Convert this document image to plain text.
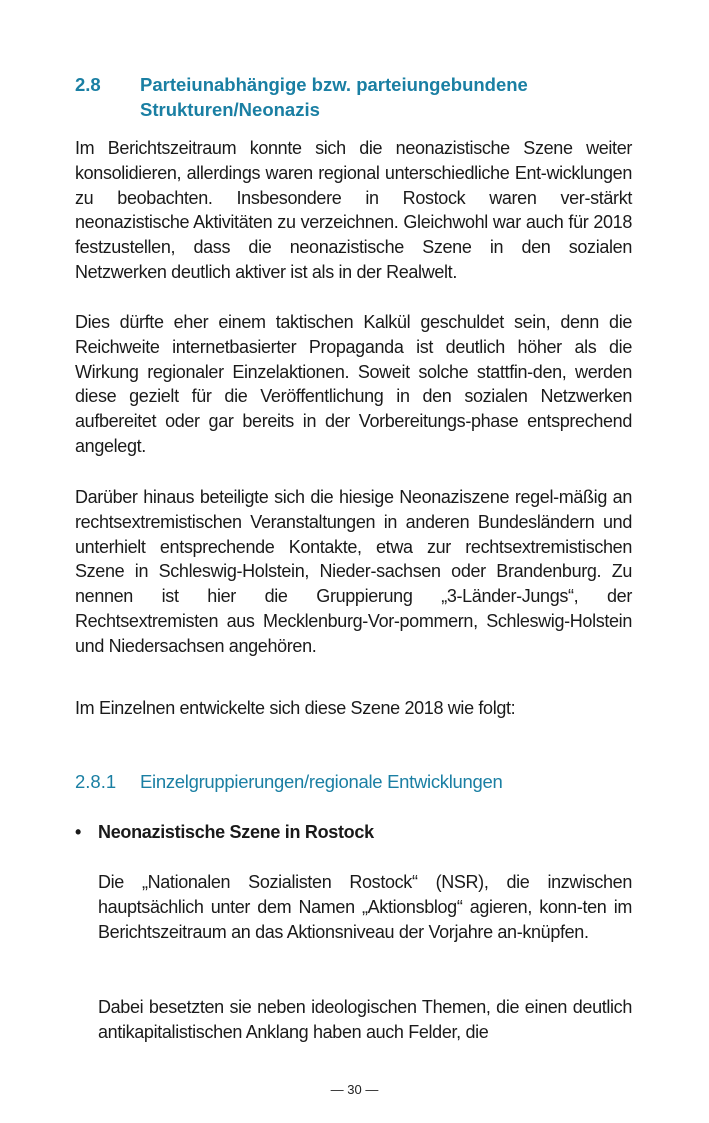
2.8 Parteiunabhängige bzw. parteiungebundene Strukturen/Neonazis

Im Berichtszeitraum konnte sich die neonazistische Szene weiter konsolidieren, allerdings waren regional unterschiedliche Ent-wicklungen zu beobachten. Insbesondere in Rostock waren ver-stärkt neonazistische Aktivitäten zu verzeichnen. Gleichwohl war auch für 2018 festzustellen, dass die neonazistische Szene in den sozialen Netzwerken deutlich aktiver ist als in der Realwelt.

Dies dürfte eher einem taktischen Kalkül geschuldet sein, denn die Reichweite internetbasierter Propaganda ist deutlich höher als die Wirkung regionaler Einzelaktionen. Soweit solche stattfin-den, werden diese gezielt für die Veröffentlichung in den sozialen Netzwerken aufbereitet oder gar bereits in der Vorbereitungs-phase entsprechend angelegt.

Darüber hinaus beteiligte sich die hiesige Neonaziszene regel-mäßig an rechtsextremistischen Veranstaltungen in anderen Bundesländern und unterhielt entsprechende Kontakte, etwa zur rechtsextremistischen Szene in Schleswig-Holstein, Nieder-sachsen oder Brandenburg. Zu nennen ist hier die Gruppierung „3-Länder-Jungs“, der Rechtsextremisten aus Mecklenburg-Vor-pommern, Schleswig-Holstein und Niedersachsen angehören.

Im Einzelnen entwickelte sich diese Szene 2018 wie folgt:

2.8.1 Einzelgruppierungen/regionale Entwicklungen
• Neonazistische Szene in Rostock

Die „Nationalen Sozialisten Rostock“ (NSR), die inzwischen hauptsächlich unter dem Namen „Aktionsblog“ agieren, konn-ten im Berichtszeitraum an das Aktionsniveau der Vorjahre an-knüpfen.

Dabei besetzten sie neben ideologischen Themen, die einen deutlich antikapitalistischen Anklang haben auch Felder, die

— 30 —
